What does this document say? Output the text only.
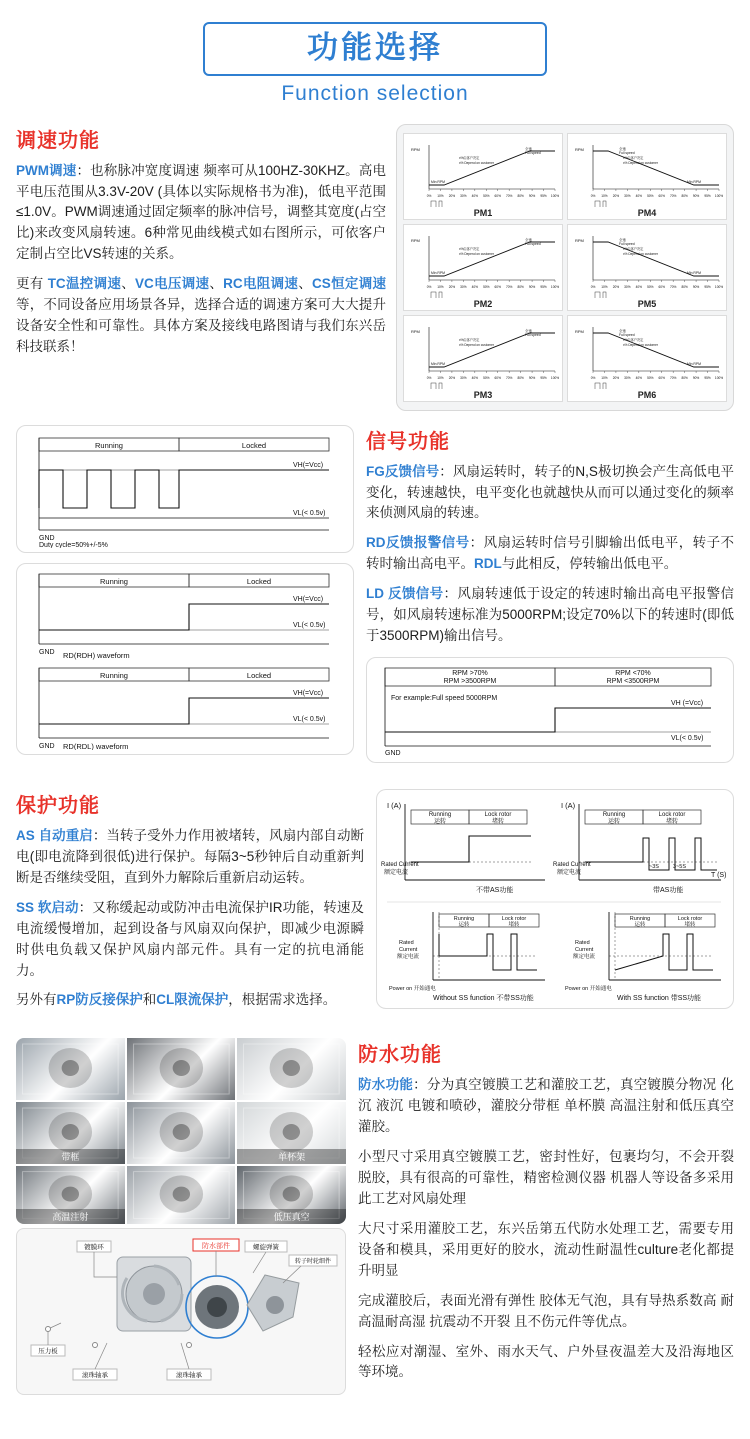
功能选择
Function selection
调速功能

PWM调速：也称脉冲宽度调速 频率可从100HZ-30KHZ。高电平电压范围从3.3V-20V (具体以实际规格书为准)，低电平范围≤1.0V。PWM调速通过固定频率的脉冲信号，调整其宽度(占空比)来改变风扇转速。6种常见曲线模式如右图所示，可依客户定制占空比VS转速的关系。

更有 TC温控调速、VC电压调速、RC电阻调速、CS恒定调速等，不同设备应用场景各异，选择合适的调速方案可大大提升设备安全性和可靠性。具体方案及接线电路图请与我们东兴岳科技联系！

RPM	全速
Full speed
Min RPM
x%由客户决定
x% Depend on customer
0% 10% 20% 30% 40% 50% 60% 70% 80% 90% 95% 100%
PM1
RPM	全速
Full speed
Min RPM
x%由客户决定
x% Depend on customer
0% 10% 20% 30% 40% 50% 60% 70% 80% 90% 95% 100%
PM4
RPM	全速
Full speed
Min RPM
x%由客户决定
x% Depend on customer
0% 10% 20% 30% 40% 50% 60% 70% 80% 90% 95% 100%
PM2
RPM	全速
Full speed
Min RPM
x%由客户决定
x% Depend on customer
0% 10% 20% 30% 40% 50% 60% 70% 80% 90% 95% 100%
PM5
RPM	全速
Full speed
Min RPM
x%由客户决定
x% Depend on customer
0% 10% 20% 30% 40% 50% 60% 70% 80% 90% 95% 100%
PM3
RPM	全速
Full speed
Min RPM
x%由客户决定
x% Depend on customer
0% 10% 20% 30% 40% 50% 60% 70% 80% 90% 95% 100%
PM6
Running	Locked
VH(=Vcc)
VL(< 0.5v)
GND
Duty cycle=50%+/-5%
Running	Locked
VH(=Vcc)
VL(< 0.5v)
GND RD(RDH) waveform
Running	Locked
VH(=Vcc)
VL(< 0.5v)
GND RD(RDL) waveform
信号功能

FG反馈信号：风扇运转时，转子的N,S极切换会产生高低电平变化，转速越快，电平变化也就越快从而可以通过变化的频率来侦测风扇的转速。

RD反馈报警信号：风扇运转时信号引脚输出低电平，转子不转时输出高电平。RDL与此相反，停转输出低电平。

LD 反馈信号：风扇转速低于设定的转速时输出高电平报警信号，如风扇转速标准为5000RPM;设定70%以下的转速时(即低于3500RPM)输出信号。

RPM >70%
RPM >3500RPM
RPM <70%
RPM <3500RPM
For example:Full speed 5000RPM
VH (=Vcc)
VL(< 0.5v)
GND
保护功能

AS 自动重启：当转子受外力作用被堵转，风扇内部自动断电(即电流降到很低)进行保护。每隔3~5秒钟后自动重新判断是否继续受阻，直到外力解除后重新启动运转。

SS 软启动：又称缓起动或防冲击电流保护IR功能，转速及电流缓慢增加，起到设备与风扇双向保护，即减少电源瞬时供电负载又保护风扇内部元件。具有一定的抗电涌能力。

另外有RP防反接保护和CL限流保护，根据需求选择。

I (A)
Running
运转
Lock rotor
堵转
Rated Current
额定电流
不带AS功能
I (A)
T (S)
Running
运转
Lock rotor
堵转
Rated Current
额定电流
~3S	3~5S
带AS功能
Running
运转
Lock rotor
堵转
Rated
Current
额定电流
Power on 开始通电
Without SS function 不带SS功能
Running
运转
Lock rotor
堵转
Rated
Current
额定电流
Power on 开始通电
With SS function 带SS功能
带框	单杯架
高温注射	低压真空
镀膜环	防水部件	螺旋弹簧
转子时轮细件
压力板
滚珠轴承	滚珠轴承
防水功能

防水功能：分为真空镀膜工艺和灌胶工艺，真空镀膜分物况 化沉 液沉 电镀和喷砂，灌胶分带框 单杯膜 高温注射和低压真空灌胶。

小型尺寸采用真空镀膜工艺，密封性好，包裹均匀，不会开裂脱胶，具有很高的可靠性，精密检测仪器 机器人等设备多采用此工艺对风扇处理

大尺寸采用灌胶工艺，东兴岳第五代防水处理工艺，需要专用设备和模具，采用更好的胶水，流动性耐温性culture老化都提升明显

完成灌胶后，表面光滑有弹性 胶体无气泡，具有导热系数高 耐高温耐高湿 抗震动不开裂 且不伤元件等优点。

轻松应对潮湿、室外、雨水天气、户外昼夜温差大及沿海地区等环境。
